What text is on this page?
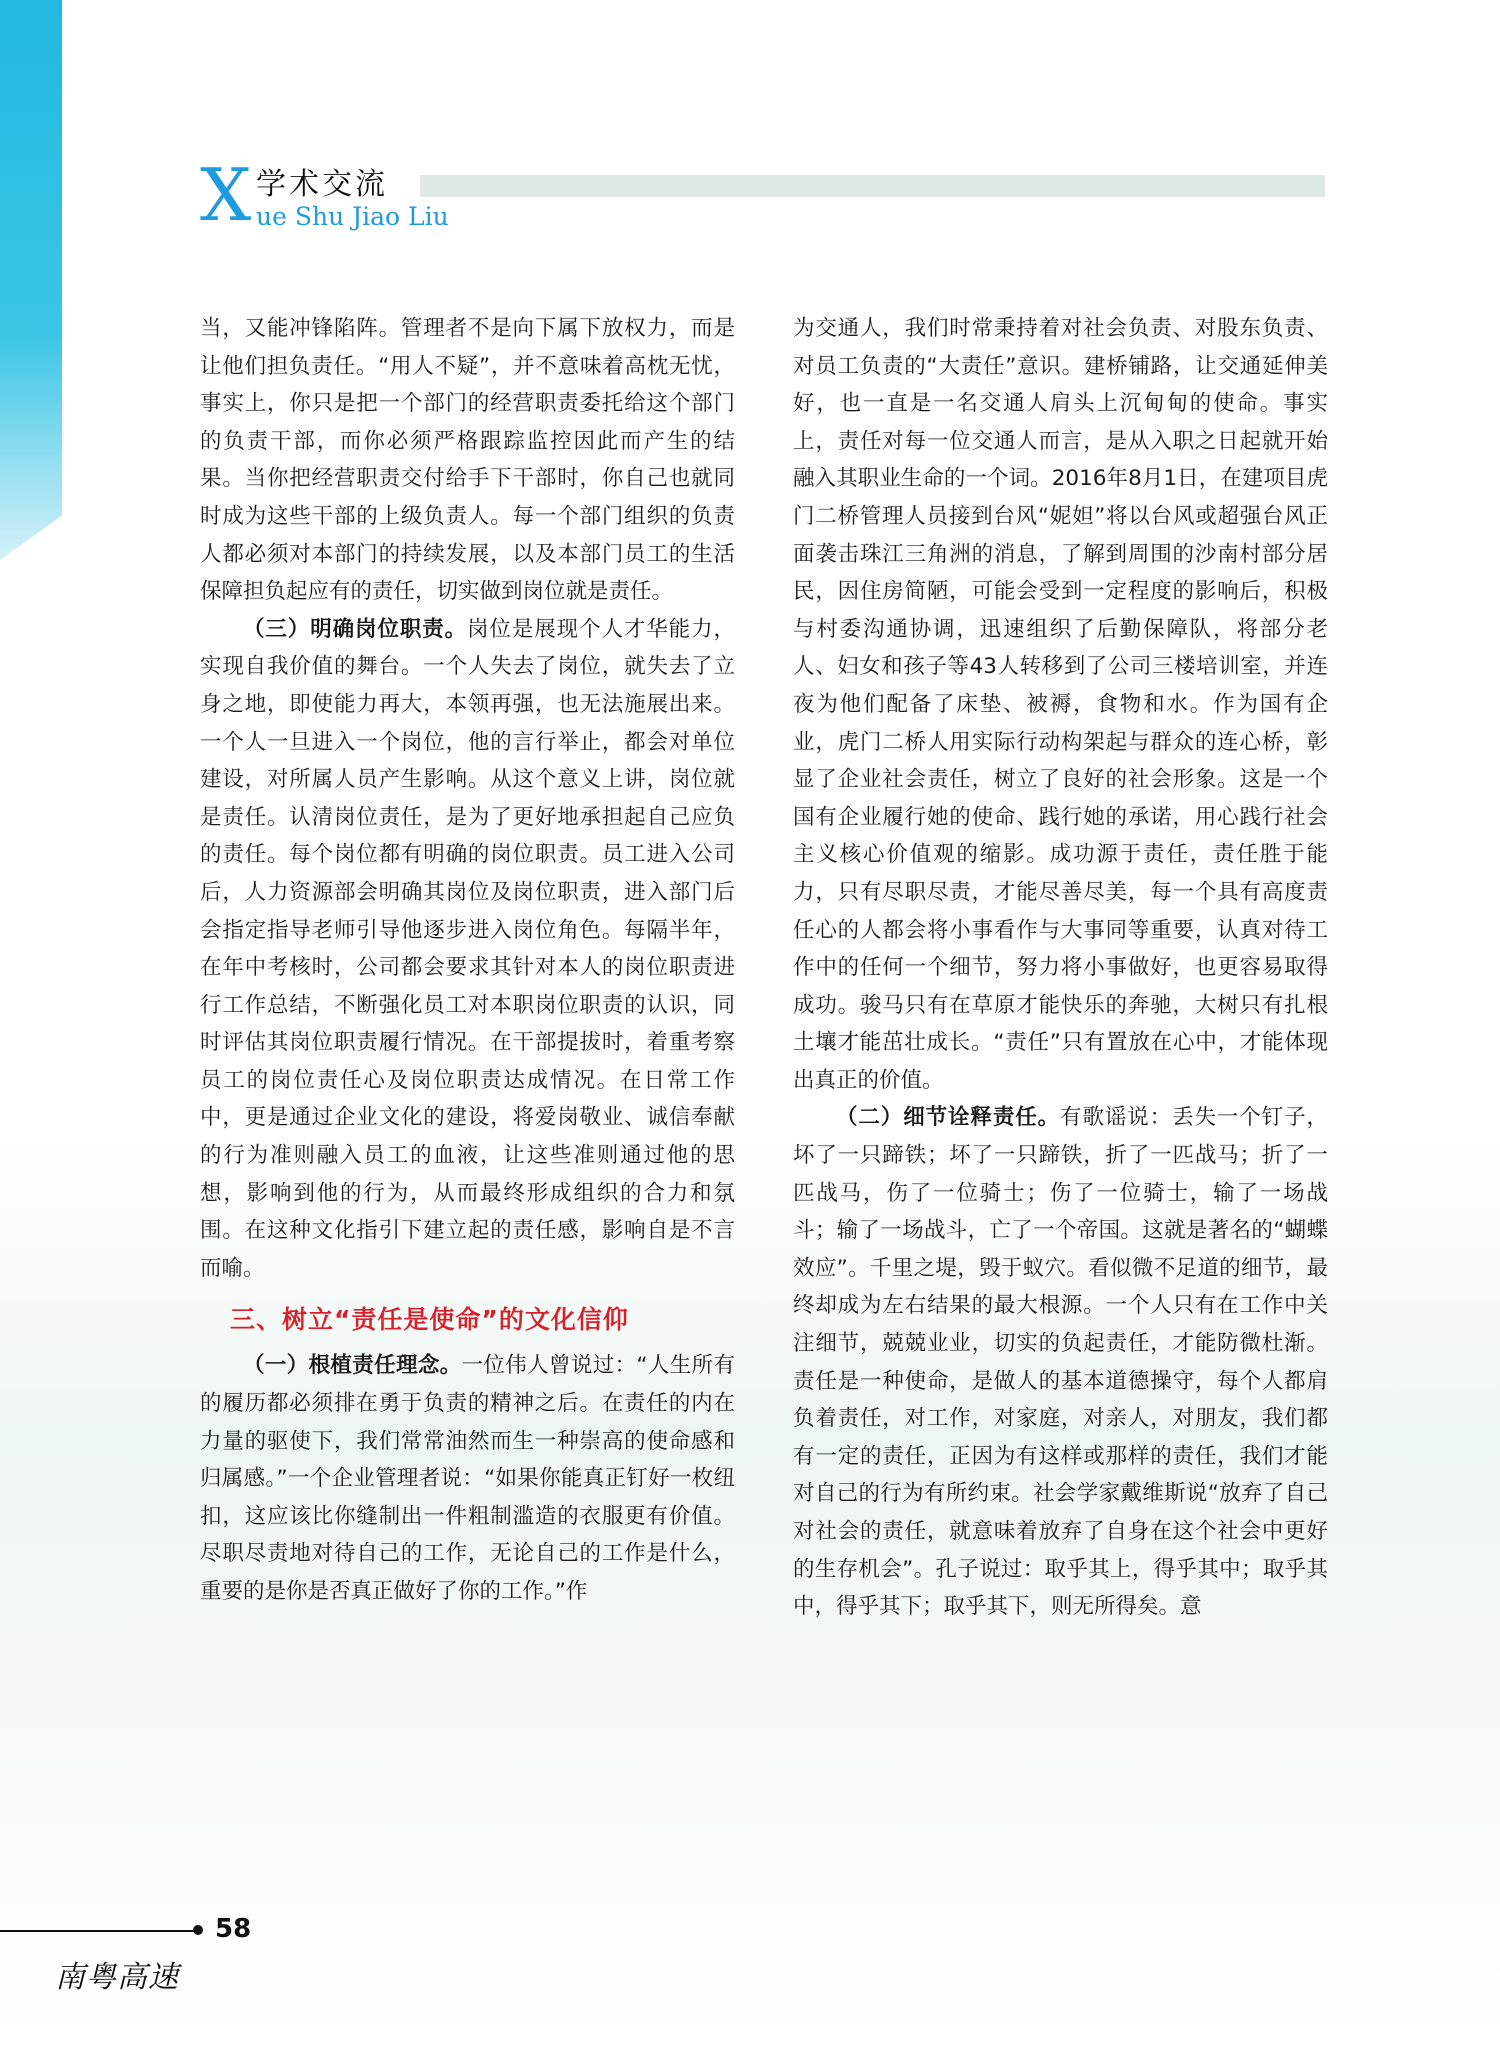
X 学术交流
ue Shu Jiao Liu

当，又能冲锋陷阵。管理者不是向下属下放权力，而是让他们担负责任。“用人不疑”，并不意味着高枕无忧，事实上，你只是把一个部门的经营职责委托给这个部门的负责干部，而你必须严格跟踪监控因此而产生的结果。当你把经营职责交付给手下干部时，你自己也就同时成为这些干部的上级负责人。每一个部门组织的负责人都必须对本部门的持续发展，以及本部门员工的生活保障担负起应有的责任，切实做到岗位就是责任。

（三）明确岗位职责。岗位是展现个人才华能力，实现自我价值的舞台。一个人失去了岗位，就失去了立身之地，即使能力再大，本领再强，也无法施展出来。一个人一旦进入一个岗位，他的言行举止，都会对单位建设，对所属人员产生影响。从这个意义上讲，岗位就是责任。认清岗位责任，是为了更好地承担起自己应负的责任。每个岗位都有明确的岗位职责。员工进入公司后，人力资源部会明确其岗位及岗位职责，进入部门后会指定指导老师引导他逐步进入岗位角色。每隔半年，在年中考核时，公司都会要求其针对本人的岗位职责进行工作总结，不断强化员工对本职岗位职责的认识，同时评估其岗位职责履行情况。在干部提拔时，着重考察员工的岗位责任心及岗位职责达成情况。在日常工作中，更是通过企业文化的建设，将爱岗敬业、诚信奉献的行为准则融入员工的血液，让这些准则通过他的思想，影响到他的行为，从而最终形成组织的合力和氛围。在这种文化指引下建立起的责任感，影响自是不言而喻。

三、树立“责任是使命”的文化信仰

（一）根植责任理念。一位伟人曾说过：“人生所有的履历都必须排在勇于负责的精神之后。在责任的内在力量的驱使下，我们常常油然而生一种崇高的使命感和归属感。”一个企业管理者说：“如果你能真正钉好一枚纽扣，这应该比你缝制出一件粗制滥造的衣服更有价值。尽职尽责地对待自己的工作，无论自己的工作是什么，重要的是你是否真正做好了你的工作。”作

为交通人，我们时常秉持着对社会负责、对股东负责、对员工负责的“大责任”意识。建桥铺路，让交通延伸美好，也一直是一名交通人肩头上沉甸甸的使命。事实上，责任对每一位交通人而言，是从入职之日起就开始融入其职业生命的一个词。2016年8月1日，在建项目虎门二桥管理人员接到台风“妮妲”将以台风或超强台风正面袭击珠江三角洲的消息，了解到周围的沙南村部分居民，因住房简陋，可能会受到一定程度的影响后，积极与村委沟通协调，迅速组织了后勤保障队，将部分老人、妇女和孩子等43人转移到了公司三楼培训室，并连夜为他们配备了床垫、被褥，食物和水。作为国有企业，虎门二桥人用实际行动构架起与群众的连心桥，彰显了企业社会责任，树立了良好的社会形象。这是一个国有企业履行她的使命、践行她的承诺，用心践行社会主义核心价值观的缩影。成功源于责任，责任胜于能力，只有尽职尽责，才能尽善尽美，每一个具有高度责任心的人都会将小事看作与大事同等重要，认真对待工作中的任何一个细节，努力将小事做好，也更容易取得成功。骏马只有在草原才能快乐的奔驰，大树只有扎根土壤才能茁壮成长。“责任”只有置放在心中，才能体现出真正的价值。

（二）细节诠释责任。有歌谣说：丢失一个钉子，坏了一只蹄铁；坏了一只蹄铁，折了一匹战马；折了一匹战马，伤了一位骑士；伤了一位骑士，输了一场战斗；输了一场战斗，亡了一个帝国。这就是著名的“蝴蝶效应”。千里之堤，毁于蚁穴。看似微不足道的细节，最终却成为左右结果的最大根源。一个人只有在工作中关注细节，兢兢业业，切实的负起责任，才能防微杜渐。责任是一种使命，是做人的基本道德操守，每个人都肩负着责任，对工作，对家庭，对亲人，对朋友，我们都有一定的责任，正因为有这样或那样的责任，我们才能对自己的行为有所约束。社会学家戴维斯说“放弃了自己对社会的责任，就意味着放弃了自身在这个社会中更好的生存机会”。孔子说过：取乎其上，得乎其中；取乎其中，得乎其下；取乎其下，则无所得矣。意

58
南粤高速
